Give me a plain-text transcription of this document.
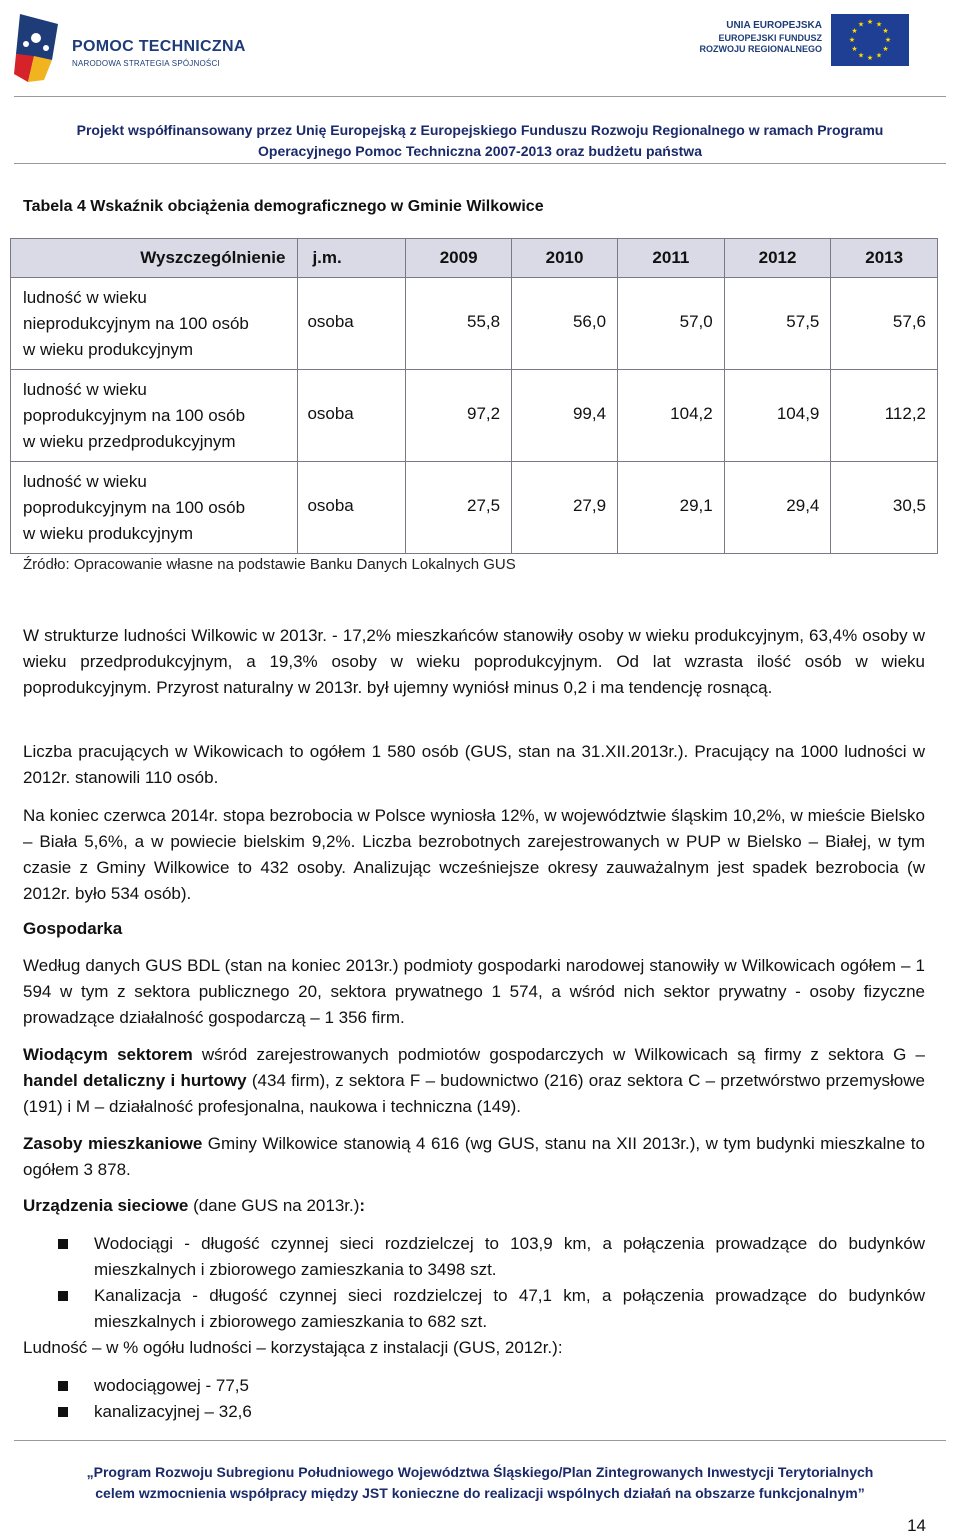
POMOC TECHNICZNA
NARODOWA STRATEGIA SPÓJNOŚCI
UNIA EUROPEJSKA
EUROPEJSKI FUNDUSZ
ROZWOJU REGIONALNEGO
★ ★
★
★
★
★
★
★
★
★
★
★
Projekt współfinansowany przez Unię Europejską z Europejskiego Funduszu Rozwoju Regionalnego w ramach Programu
Operacyjnego Pomoc Techniczna 2007-2013 oraz budżetu państwa
Tabela 4 Wskaźnik obciążenia demograficznego w Gminie Wilkowice
Wyszczególnienie	j.m.	2009	2010	2011	2012	2013
ludność w wieku
nieprodukcyjnym na 100 osób
w wieku produkcyjnym	osoba	55,8	56,0	57,0	57,5	57,6
ludność w wieku
poprodukcyjnym na 100 osób
w wieku przedprodukcyjnym	osoba	97,2	99,4	104,2	104,9	112,2
ludność w wieku
poprodukcyjnym na 100 osób
w wieku produkcyjnym	osoba	27,5	27,9	29,1	29,4	30,5
Źródło: Opracowanie własne na podstawie Banku Danych Lokalnych GUS
W strukturze ludności Wilkowic w 2013r. - 17,2% mieszkańców stanowiły osoby w wieku produkcyjnym, 63,4% osoby w wieku przedprodukcyjnym, a 19,3% osoby w wieku poprodukcyjnym. Od lat wzrasta ilość osób w wieku poprodukcyjnym. Przyrost naturalny w 2013r. był ujemny wyniósł minus 0,2 i ma tendencję rosnącą.
Liczba pracujących w Wikowicach to ogółem 1 580 osób (GUS, stan na 31.XII.2013r.). Pracujący na 1000 ludności w 2012r. stanowili 110 osób.
Na koniec czerwca 2014r. stopa bezrobocia w Polsce wyniosła 12%, w województwie śląskim 10,2%, w mieście Bielsko – Biała 5,6%, a w powiecie bielskim 9,2%. Liczba bezrobotnych zarejestrowanych w PUP w Bielsko – Białej, w tym czasie z Gminy Wilkowice to 432 osoby. Analizując wcześniejsze okresy zauważalnym jest spadek bezrobocia (w 2012r. było 534 osób).
Gospodarka
Według danych GUS BDL (stan na koniec 2013r.) podmioty gospodarki narodowej stanowiły w Wilkowicach ogółem – 1 594 w tym z sektora publicznego 20, sektora prywatnego 1 574, a wśród nich sektor prywatny - osoby fizyczne prowadzące działalność gospodarczą – 1 356 firm.
Wiodącym sektorem wśród zarejestrowanych podmiotów gospodarczych w Wilkowicach są firmy z sektora G – handel detaliczny i hurtowy (434 firm), z sektora F – budownictwo (216) oraz sektora C – przetwórstwo przemysłowe (191) i M – działalność profesjonalna, naukowa i techniczna (149).
Zasoby mieszkaniowe Gminy Wilkowice stanowią 4 616 (wg GUS, stanu na XII 2013r.), w tym budynki mieszkalne to ogółem 3 878.
Urządzenia sieciowe (dane GUS na 2013r.):
Wodociągi - długość czynnej sieci rozdzielczej to 103,9 km, a połączenia prowadzące do budynków mieszkalnych i zbiorowego zamieszkania to 3498 szt.
Kanalizacja - długość czynnej sieci rozdzielczej to 47,1 km, a połączenia prowadzące do budynków mieszkalnych i zbiorowego zamieszkania to 682 szt.
Ludność – w % ogółu ludności – korzystająca z instalacji (GUS, 2012r.):
wodociągowej - 77,5
kanalizacyjnej – 32,6
„Program Rozwoju Subregionu Południowego Województwa Śląskiego/Plan Zintegrowanych Inwestycji Terytorialnych
celem wzmocnienia współpracy między JST konieczne do realizacji wspólnych działań na obszarze funkcjonalnym”
14
